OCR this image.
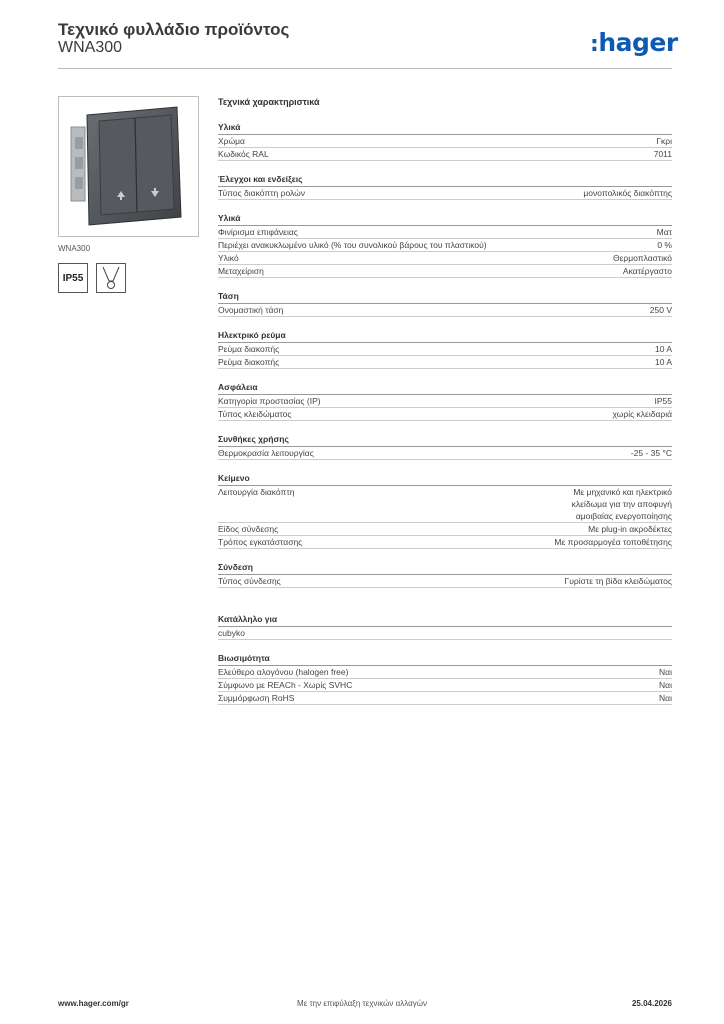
Τεχνικό φυλλάδιο προϊόντος
WNA300	:hager
WNA300
IP55
Τεχνικά χαρακτηριστικά
Υλικά
Χρώμα	Γκρι
Κωδικός RAL	7011
Έλεγχοι και ενδείξεις
Τύπος διακόπτη ρολών	μονοπολικός διακόπτης
Υλικά
Φινίρισμα επιφάνειας	Ματ
Περιέχει ανακυκλωμένο υλικό (% του συνολικού βάρους του πλαστικού)	0 %
Υλικό	Θερμοπλαστικό
Μεταχείριση	Ακατέργαστο
Τάση
Ονομαστική τάση	250 V
Ηλεκτρικό ρεύμα
Ρεύμα διακοπής	10 A
Ρεύμα διακοπής	10 A
Ασφάλεια
Κατηγορία προστασίας (IP)	IP55
Τύπος κλειδώματος	χωρίς κλειδαριά
Συνθήκες χρήσης
Θερμοκρασία λειτουργίας	-25 - 35 °C
Κείμενο
Λειτουργία διακόπτη	Με μηχανικό και ηλεκτρικό
κλείδωμα για την αποφυγή
αμοιβαίας ενεργοποίησης
Είδος σύνδεσης	Με plug-in ακροδέκτες
Τρόπος εγκατάστασης	Με προσαρμογέα τοποθέτησης
Σύνδεση
Τύπος σύνδεσης	Γυρίστε τη βίδα κλειδώματος
Κατάλληλο για
cubyko
Βιωσιμότητα
Ελεύθερο αλογόνου (halogen free)	Ναι
Σύμφωνο με REACh - Χωρίς SVHC	Ναι
Συμμόρφωση RoHS	Ναι
www.hager.com/gr	Με την επιφύλαξη τεχνικών αλλαγών	25.04.2026
